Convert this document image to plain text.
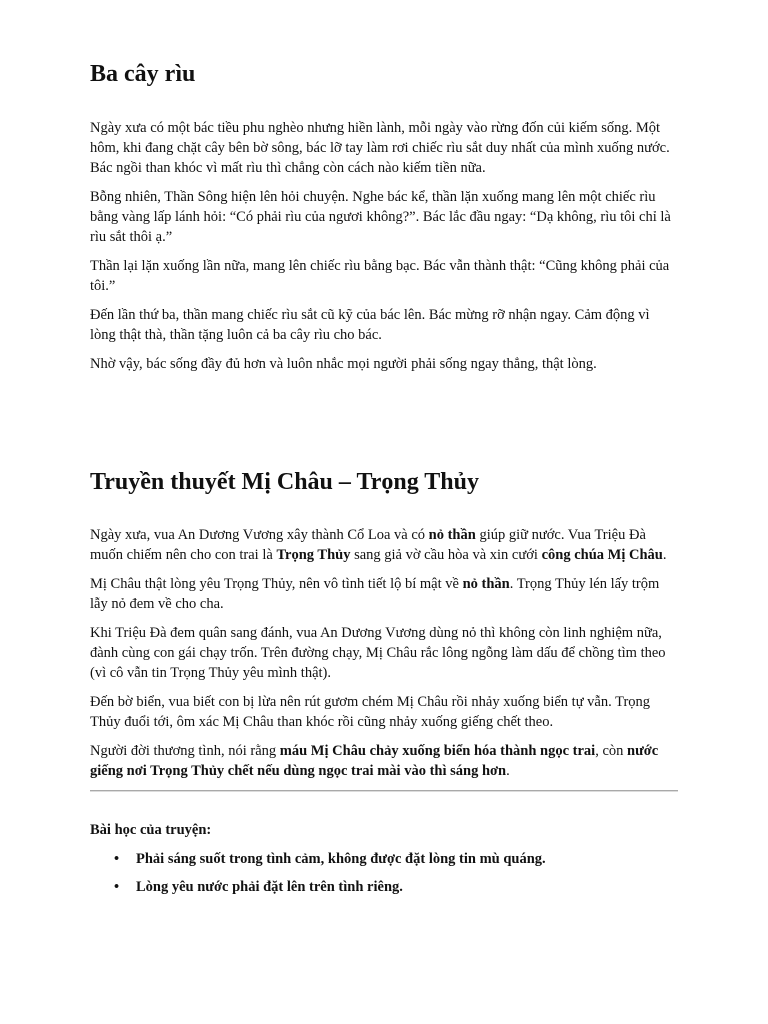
Ba cây rìu

Ngày xưa có một bác tiều phu nghèo nhưng hiền lành, mỗi ngày vào rừng đốn củi kiếm sống. Một hôm, khi đang chặt cây bên bờ sông, bác lỡ tay làm rơi chiếc rìu sắt duy nhất của mình xuống nước. Bác ngồi than khóc vì mất rìu thì chẳng còn cách nào kiếm tiền nữa.

Bỗng nhiên, Thần Sông hiện lên hỏi chuyện. Nghe bác kể, thần lặn xuống mang lên một chiếc rìu bằng vàng lấp lánh hỏi: “Có phải rìu của ngươi không?”. Bác lắc đầu ngay: “Dạ không, rìu tôi chỉ là rìu sắt thôi ạ.”

Thần lại lặn xuống lần nữa, mang lên chiếc rìu bằng bạc. Bác vẫn thành thật: “Cũng không phải của tôi.”

Đến lần thứ ba, thần mang chiếc rìu sắt cũ kỹ của bác lên. Bác mừng rỡ nhận ngay. Cảm động vì lòng thật thà, thần tặng luôn cả ba cây rìu cho bác.

Nhờ vậy, bác sống đầy đủ hơn và luôn nhắc mọi người phải sống ngay thẳng, thật lòng.

Truyền thuyết Mị Châu – Trọng Thủy

Ngày xưa, vua An Dương Vương xây thành Cổ Loa và có nỏ thần giúp giữ nước. Vua Triệu Đà muốn chiếm nên cho con trai là Trọng Thủy sang giả vờ cầu hòa và xin cưới công chúa Mị Châu.

Mị Châu thật lòng yêu Trọng Thủy, nên vô tình tiết lộ bí mật về nỏ thần. Trọng Thủy lén lấy trộm lẫy nỏ đem về cho cha.

Khi Triệu Đà đem quân sang đánh, vua An Dương Vương dùng nỏ thì không còn linh nghiệm nữa, đành cùng con gái chạy trốn. Trên đường chạy, Mị Châu rắc lông ngỗng làm dấu để chồng tìm theo (vì cô vẫn tin Trọng Thủy yêu mình thật).

Đến bờ biển, vua biết con bị lừa nên rút gươm chém Mị Châu rồi nhảy xuống biển tự vẫn. Trọng Thủy đuổi tới, ôm xác Mị Châu than khóc rồi cũng nhảy xuống giếng chết theo.

Người đời thương tình, nói rằng máu Mị Châu chảy xuống biển hóa thành ngọc trai, còn nước giếng nơi Trọng Thủy chết nếu dùng ngọc trai mài vào thì sáng hơn.

Bài học của truyện:

• Phải sáng suốt trong tình cảm, không được đặt lòng tin mù quáng.
• Lòng yêu nước phải đặt lên trên tình riêng.
